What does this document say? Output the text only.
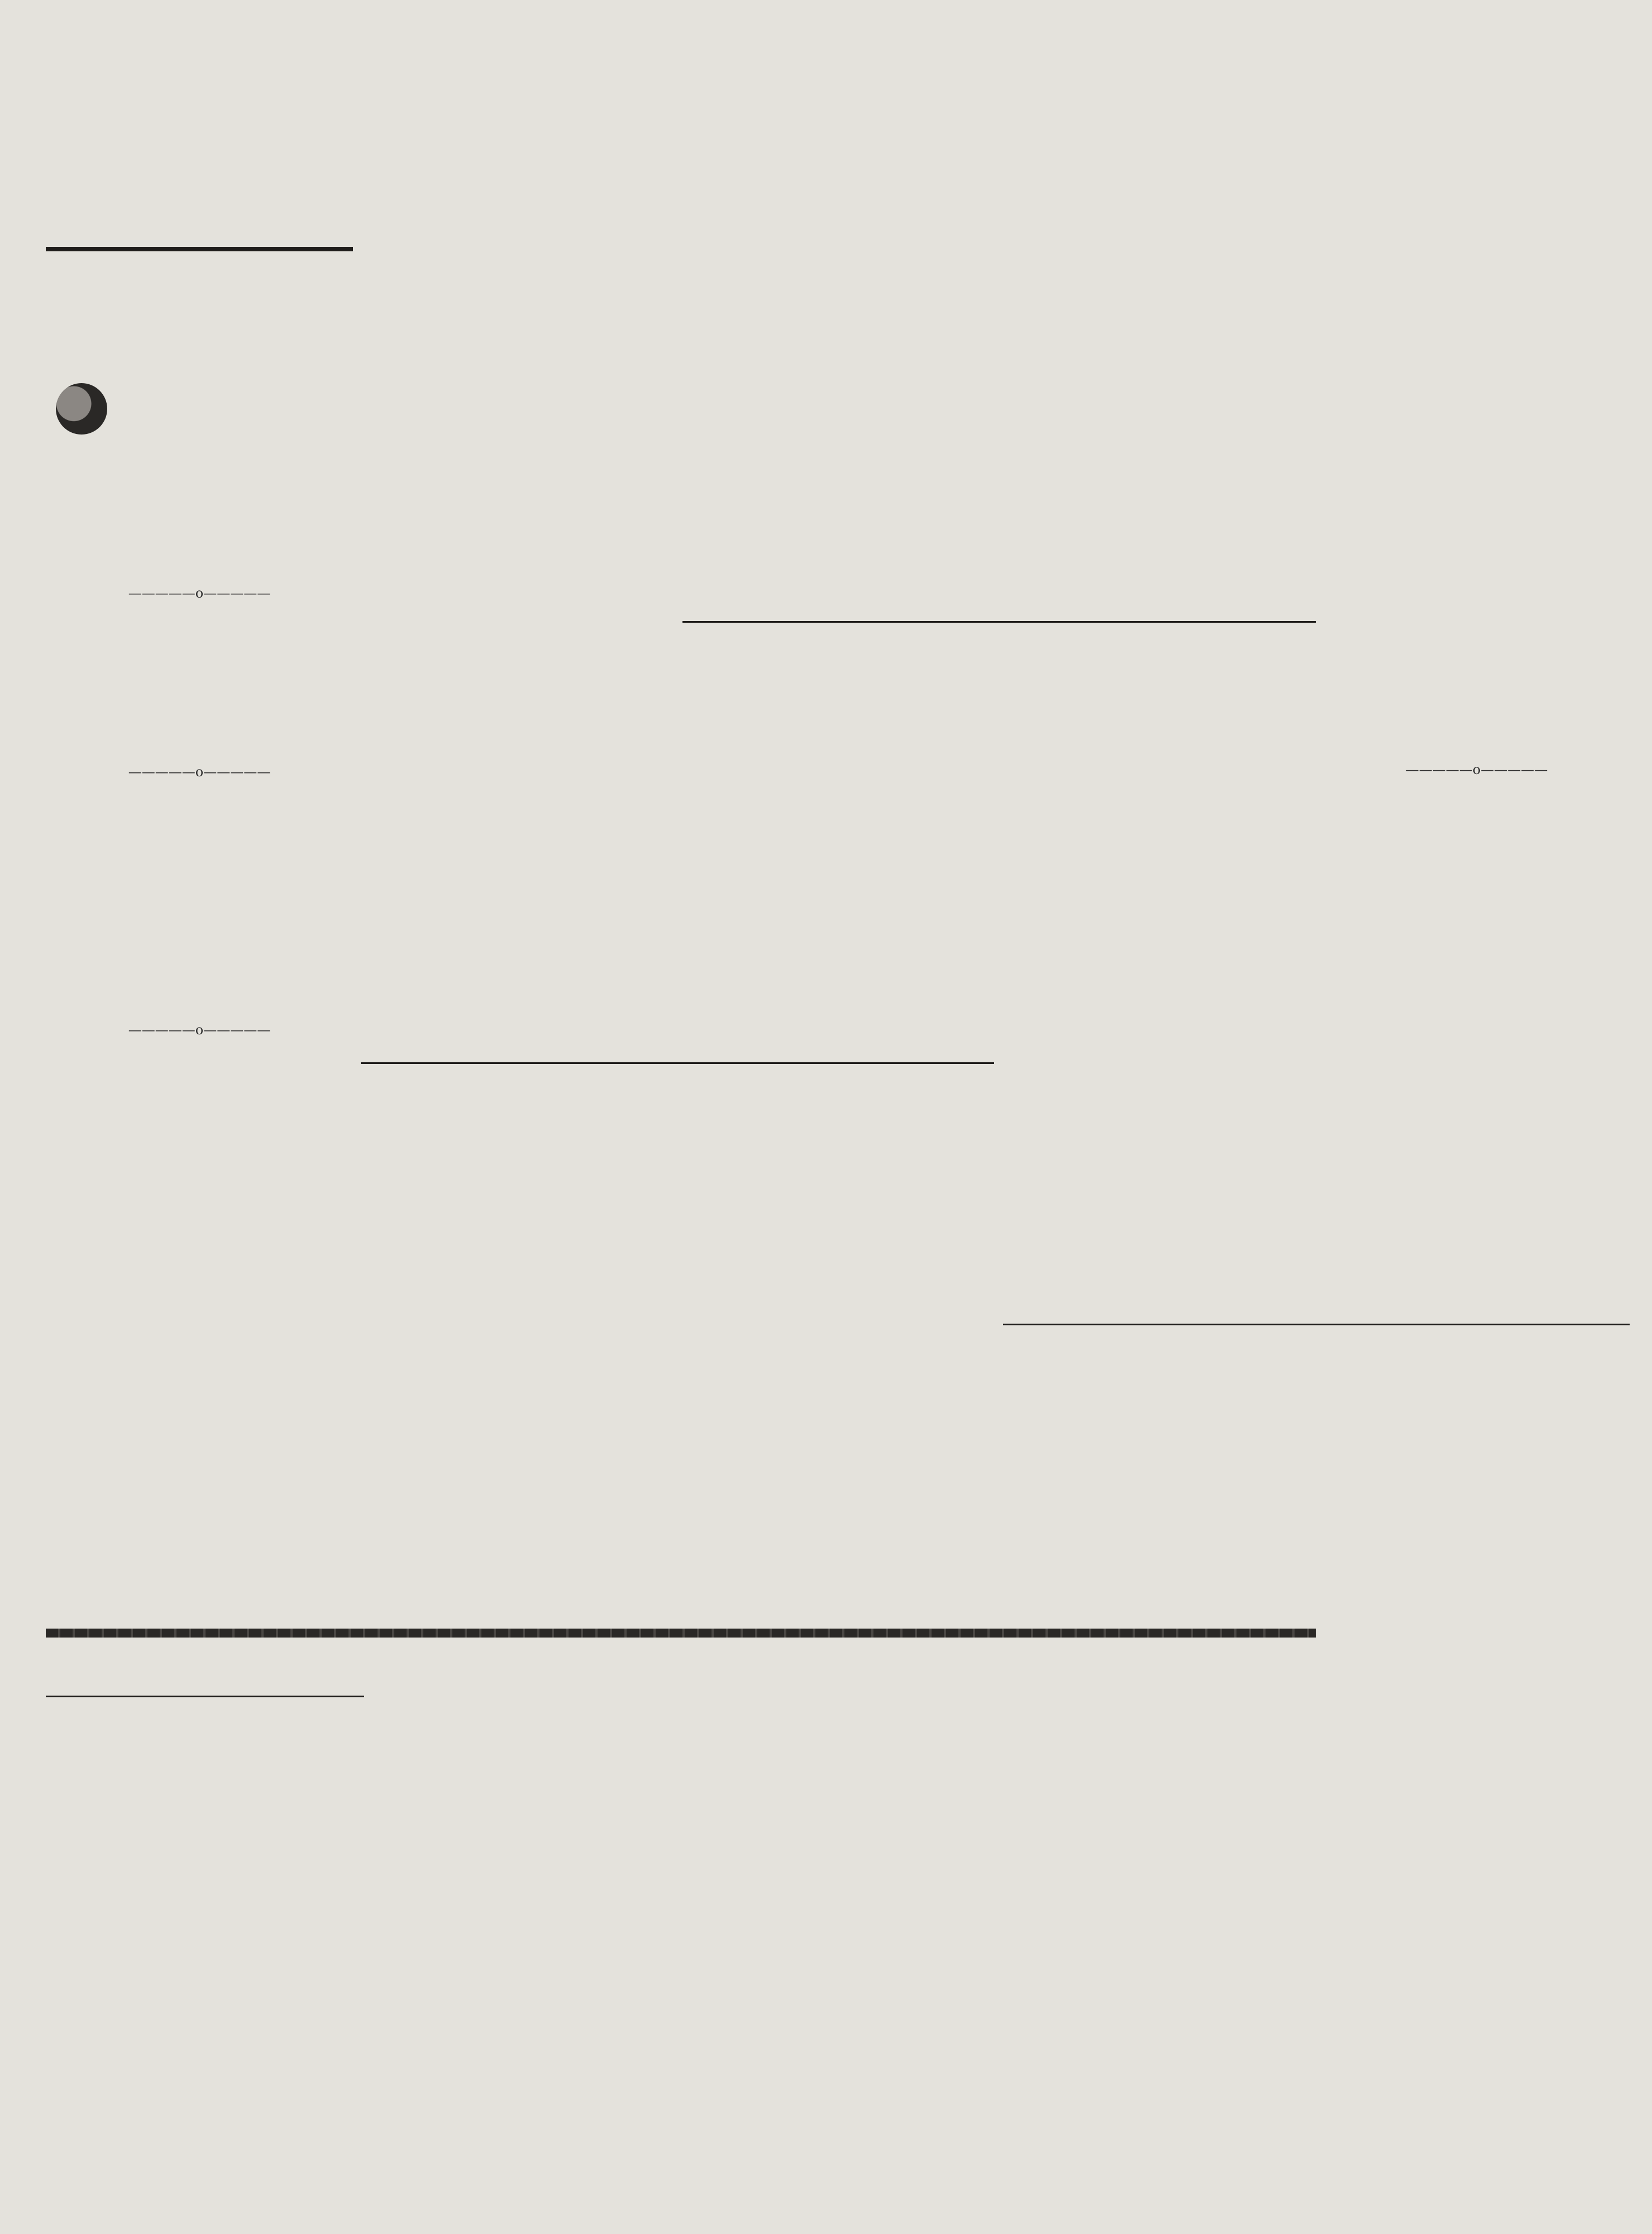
—————o—————

—————o—————

—————o—————

—————o—————
